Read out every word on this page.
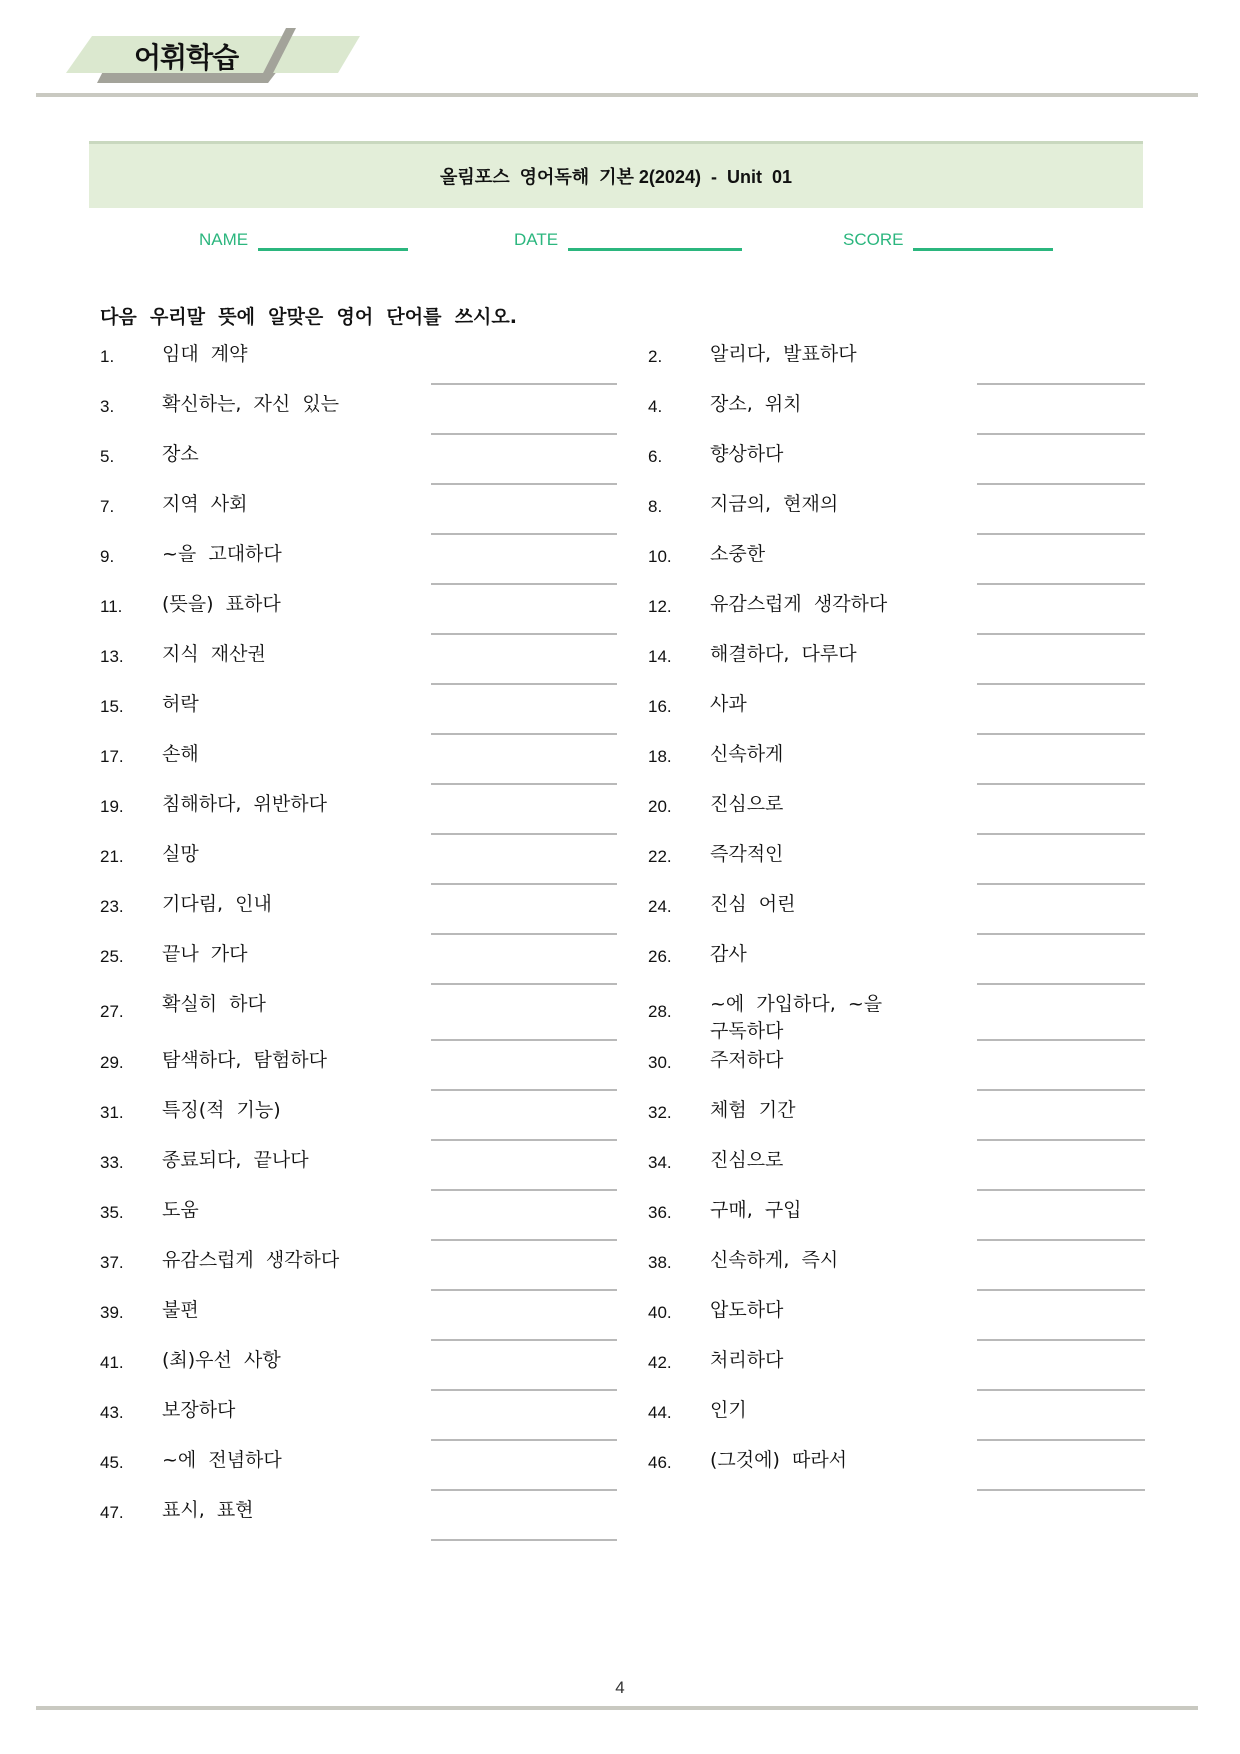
어휘학습
올림포스  영어독해  기본 2(2024)  -  Unit  01
NAME	DATE	SCORE
다음  우리말  뜻에  알맞은  영어  단어를  쓰시오.
1.	임대  계약
3.	확신하는,  자신  있는
5.	장소
7.	지역  사회
9.	~을  고대하다
11. (뜻을)  표하다
13. 지식  재산권
15. 허락
17. 손해
19. 침해하다,  위반하다
21. 실망
23. 기다림,  인내
25. 끝나  가다
27. 확실히  하다
29. 탐색하다,  탐험하다
31. 특징(적  기능)
33. 종료되다,  끝나다
35. 도움
37. 유감스럽게  생각하다
39. 불편
41. (최)우선  사항
43. 보장하다
45. ~에  전념하다
47. 표시,  표현
2.	알리다,  발표하다
4.	장소,  위치
6.	향상하다
8.	지금의,  현재의
10. 소중한
12. 유감스럽게  생각하다
14. 해결하다,  다루다
16. 사과
18. 신속하게
20. 진심으로
22. 즉각적인
24. 진심  어린
26. 감사
28. ~에  가입하다,  ~을
구독하다
30. 주저하다
32. 체험  기간
34. 진심으로
36. 구매,  구입
38. 신속하게,  즉시
40. 압도하다
42. 처리하다
44. 인기
46. (그것에)  따라서
4
